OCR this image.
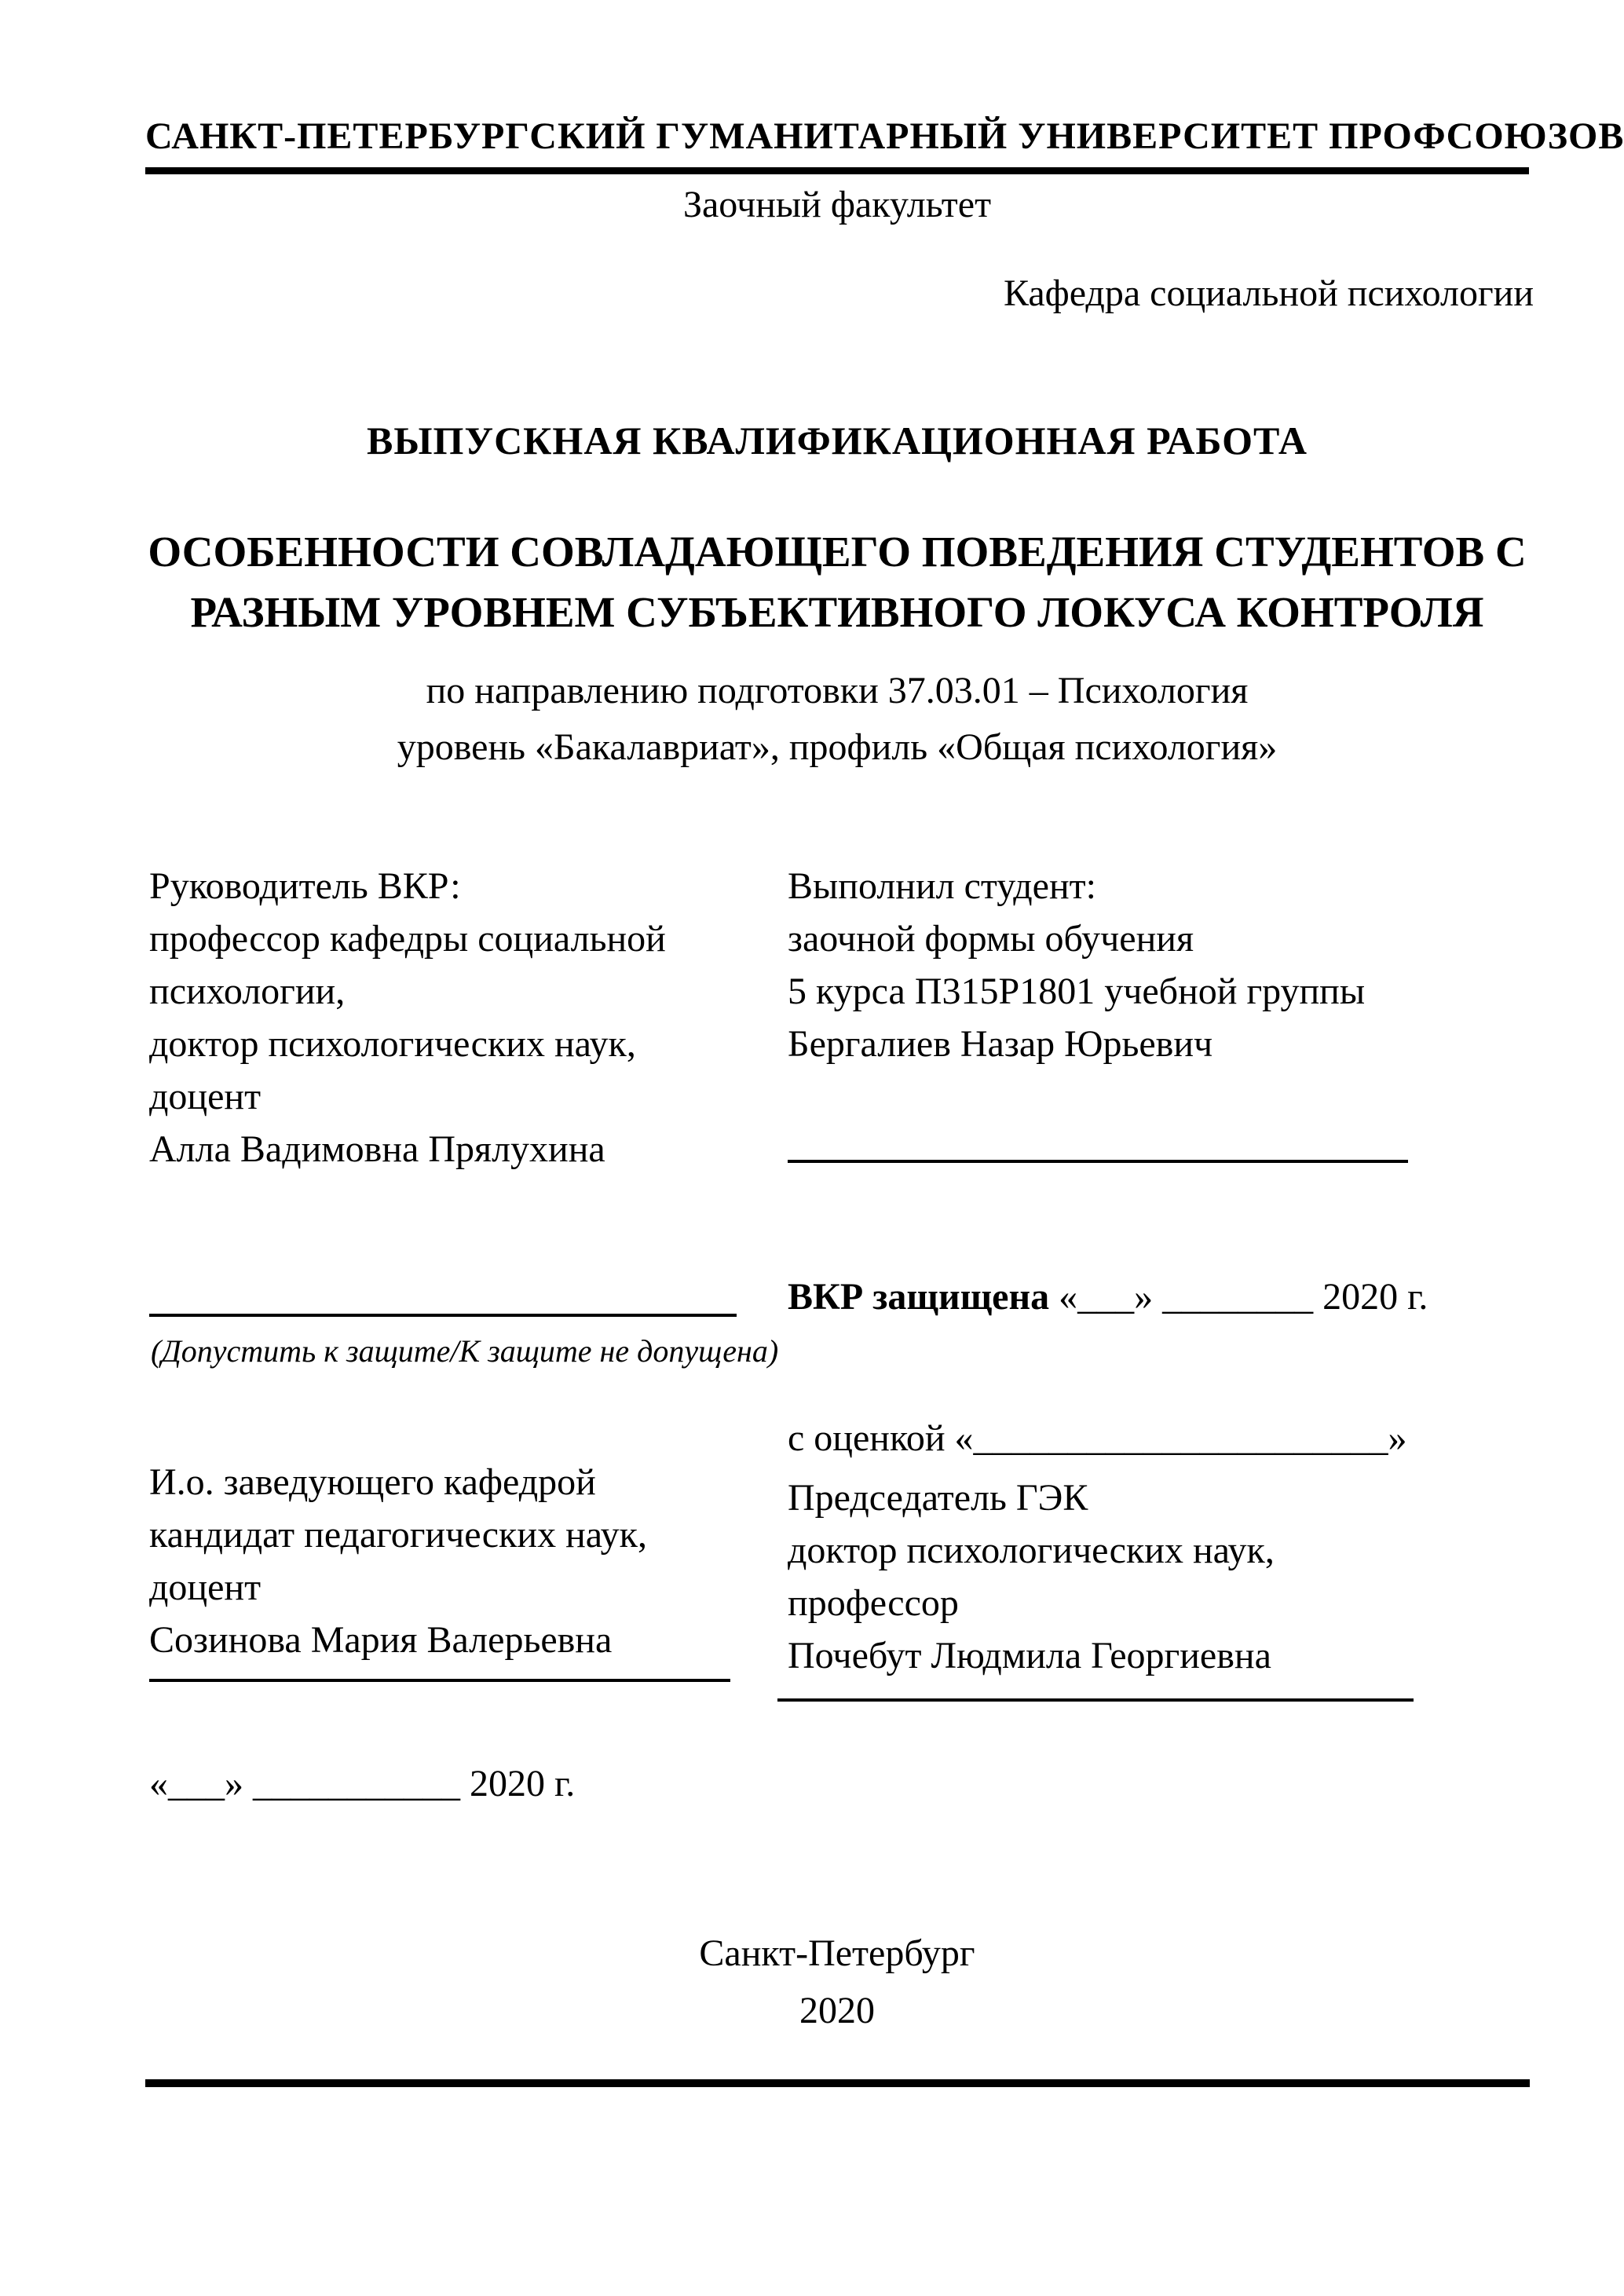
САНКТ-ПЕТЕРБУРГСКИЙ ГУМАНИТАРНЫЙ УНИВЕРСИТЕТ ПРОФСОЮЗОВ
Заочный факультет
Кафедра социальной психологии
ВЫПУСКНАЯ КВАЛИФИКАЦИОННАЯ РАБОТА
ОСОБЕННОСТИ СОВЛАДАЮЩЕГО ПОВЕДЕНИЯ СТУДЕНТОВ С
РАЗНЫМ УРОВНЕМ СУБЪЕКТИВНОГО ЛОКУСА КОНТРОЛЯ
по направлению подготовки 37.03.01 – Психология
уровень «Бакалавриат», профиль «Общая психология»
Руководитель ВКР:
профессор кафедры социальной
психологии,
доктор психологических наук,
доцент
Алла Вадимовна Прялухина
Выполнил студент:
заочной формы обучения
5 курса П315Р1801 учебной группы
Бергалиев Назар Юрьевич
(Допустить к защите/К защите не допущена)
ВКР защищена «___» ________ 2020 г.
с оценкой «______________________»
И.о. заведующего кафедрой
кандидат педагогических наук,
доцент
Созинова Мария Валерьевна
Председатель ГЭК
доктор психологических наук,
профессор
Почебут Людмила Георгиевна
«___» ___________ 2020 г.
Санкт-Петербург
2020
